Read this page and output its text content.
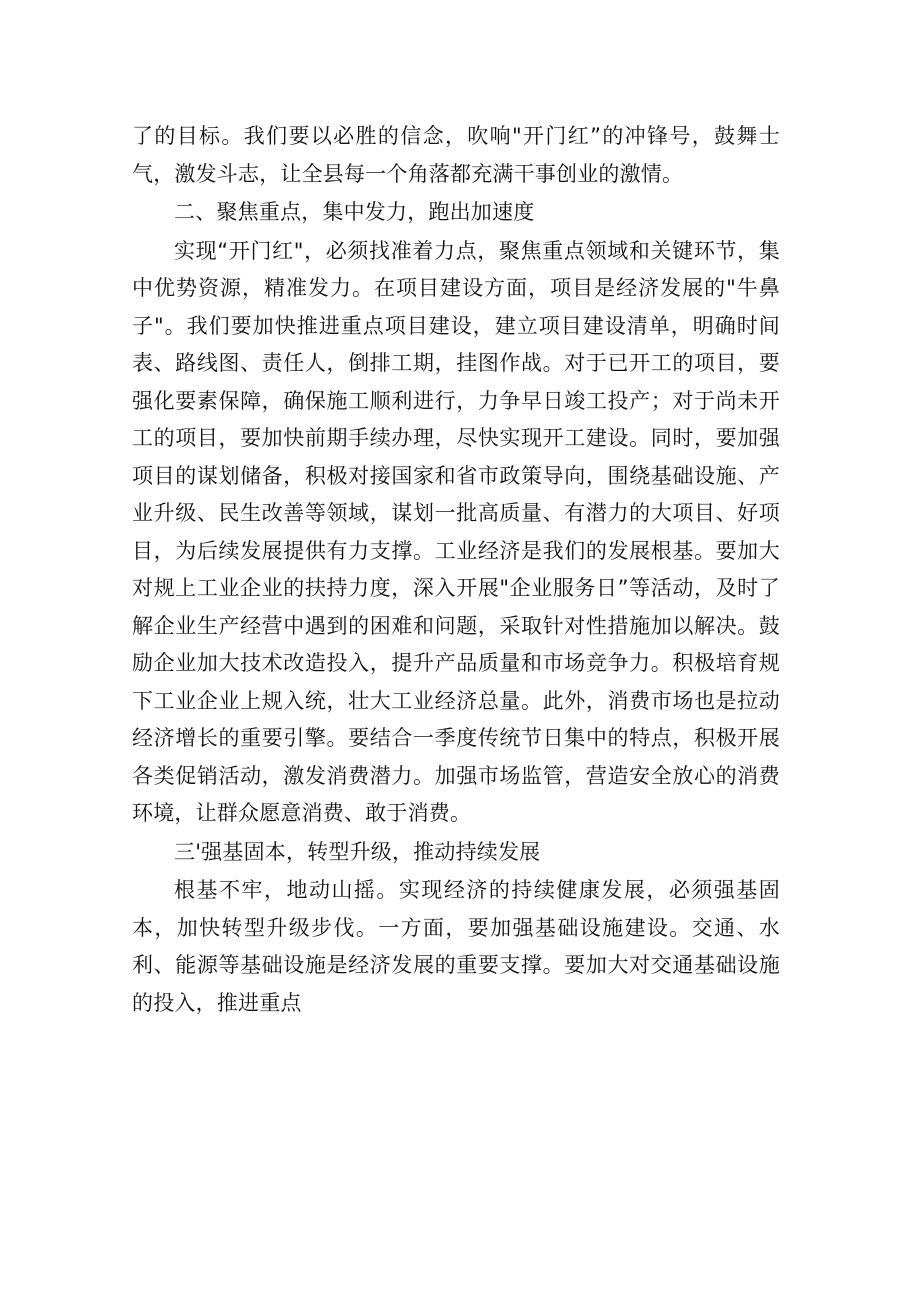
了的目标。我们要以必胜的信念，吹响"开门红”的冲锋号，鼓舞士气，激发斗志，让全县每一个角落都充满干事创业的激情。

二、聚焦重点，集中发力，跑出加速度

实现“开门红"，必须找准着力点，聚焦重点领域和关键环节，集中优势资源，精准发力。在项目建设方面，项目是经济发展的"牛鼻子"。我们要加快推进重点项目建设，建立项目建设清单，明确时间表、路线图、责任人，倒排工期，挂图作战。对于已开工的项目，要强化要素保障，确保施工顺利进行，力争早日竣工投产；对于尚未开工的项目，要加快前期手续办理，尽快实现开工建设。同时，要加强项目的谋划储备，积极对接国家和省市政策导向，围绕基础设施、产业升级、民生改善等领域，谋划一批高质量、有潜力的大项目、好项目，为后续发展提供有力支撑。工业经济是我们的发展根基。要加大对规上工业企业的扶持力度，深入开展"企业服务日”等活动，及时了解企业生产经营中遇到的困难和问题，采取针对性措施加以解决。鼓励企业加大技术改造投入，提升产品质量和市场竞争力。积极培育规下工业企业上规入统，壮大工业经济总量。此外，消费市场也是拉动经济增长的重要引擎。要结合一季度传统节日集中的特点，积极开展各类促销活动，激发消费潜力。加强市场监管，营造安全放心的消费环境，让群众愿意消费、敢于消费。

三'强基固本，转型升级，推动持续发展

根基不牢，地动山摇。实现经济的持续健康发展，必须强基固本，加快转型升级步伐。一方面，要加强基础设施建设。交通、水利、能源等基础设施是经济发展的重要支撑。要加大对交通基础设施的投入，推进重点
